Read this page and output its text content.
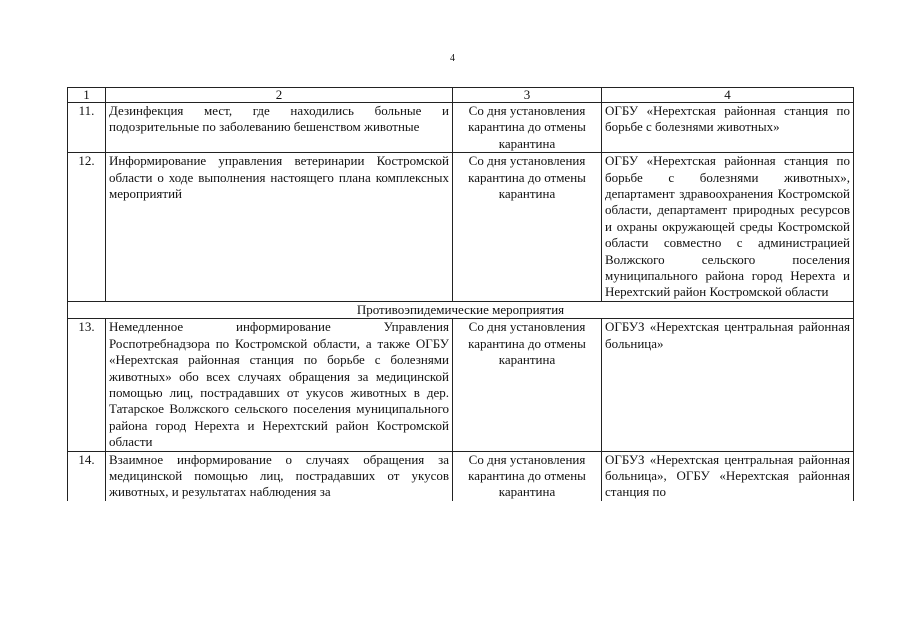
4
1	2	3	4
11.	Дезинфекция мест, где находились больные и подозрительные по заболеванию бешенством животные	Со дня установления карантина до отмены карантина	ОГБУ «Нерехтская районная станция по борьбе с болезнями животных»
12.	Информирование управления ветеринарии Костромской области о ходе выполнения настоящего плана комплексных мероприятий	Со дня установления карантина до отмены карантина	ОГБУ «Нерехтская районная станция по борьбе с болезнями животных», департамент здравоохранения Костромской области, департамент природных ресурсов и охраны окружающей среды Костромской области совместно с администрацией Волжского сельского поселения муниципального района город Нерехта и Нерехтский район Костромской области
Противоэпидемические мероприятия			
13.	Немедленное информирование Управления Роспотребнадзора по Костромской области, а также ОГБУ «Нерехтская районная станция по борьбе с болезнями животных» обо всех случаях обращения за медицинской помощью лиц, пострадавших от укусов животных в дер. Татарское Волжского сельского поселения муниципального района город Нерехта и Нерехтский район Костромской области	Со дня установления карантина до отмены карантина	ОГБУЗ «Нерехтская центральная районная больница»

14.	Взаимное информирование о случаях обращения за медицинской помощью лиц, пострадавших от укусов животных, и результатах наблюдения за	Со дня установления карантина до отмены карантина	ОГБУЗ «Нерехтская центральная районная больница», ОГБУ «Нерехтская районная станция по
